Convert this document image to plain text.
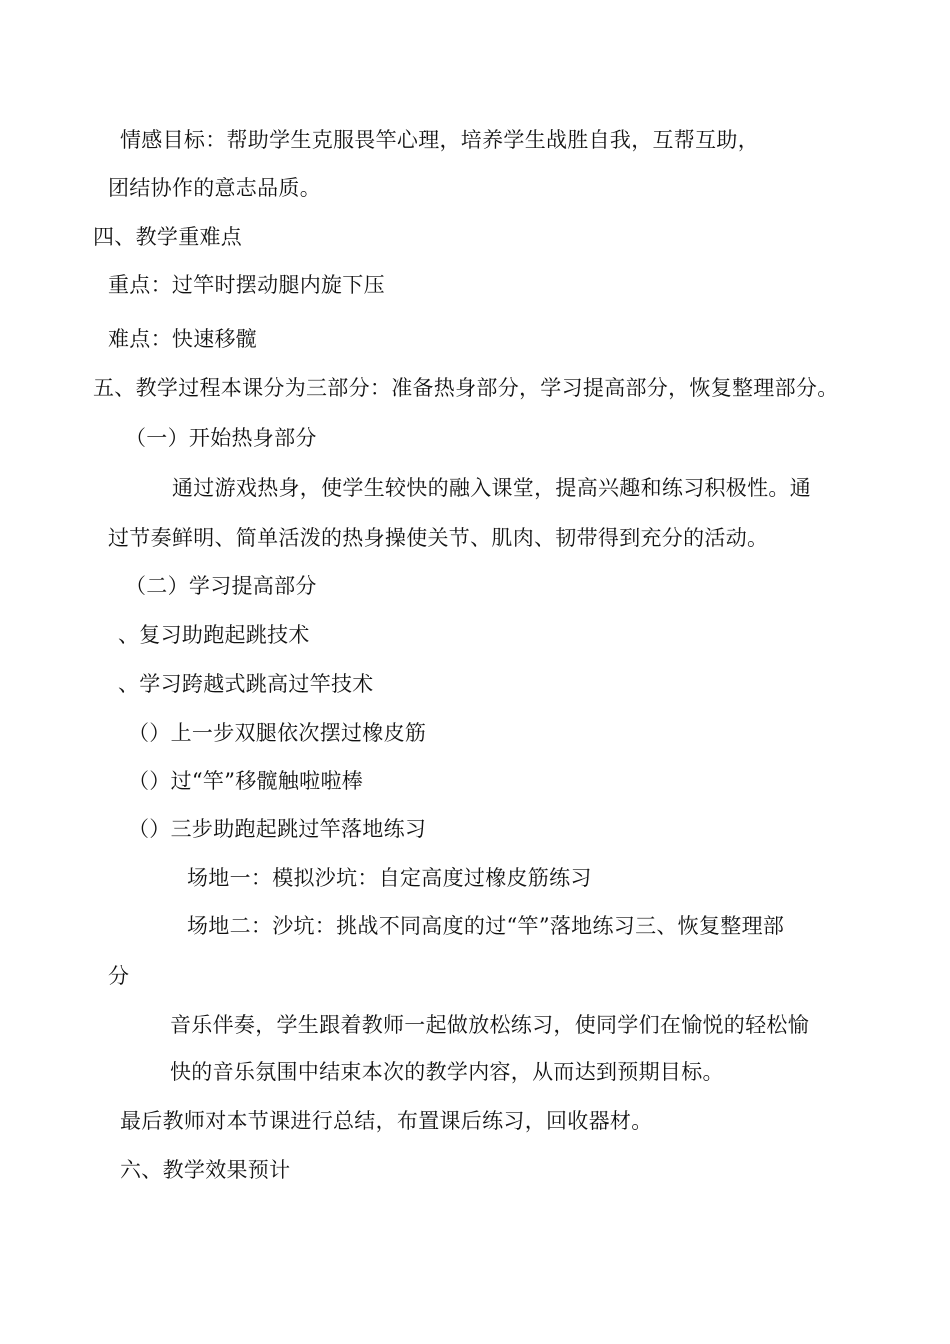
情感目标：帮助学生克服畏竿心理，培养学生战胜自我，互帮互助，

团结协作的意志品质。

四、教学重难点

重点：过竿时摆动腿内旋下压

难点：快速移髋

五、教学过程本课分为三部分：准备热身部分，学习提高部分，恢复整理部分。

（一）开始热身部分

通过游戏热身，使学生较快的融入课堂，提高兴趣和练习积极性。通

过节奏鲜明、简单活泼的热身操使关节、肌肉、韧带得到充分的活动。

（二）学习提高部分

、复习助跑起跳技术

、学习跨越式跳高过竿技术

（）上一步双腿依次摆过橡皮筋

（）过“竿”移髋触啦啦棒

（）三步助跑起跳过竿落地练习

场地一：模拟沙坑：自定高度过橡皮筋练习

场地二：沙坑：挑战不同高度的过“竿”落地练习三、恢复整理部

分

音乐伴奏，学生跟着教师一起做放松练习，使同学们在愉悦的轻松愉

快的音乐氛围中结束本次的教学内容，从而达到预期目标。

最后教师对本节课进行总结，布置课后练习，回收器材。

六、教学效果预计
